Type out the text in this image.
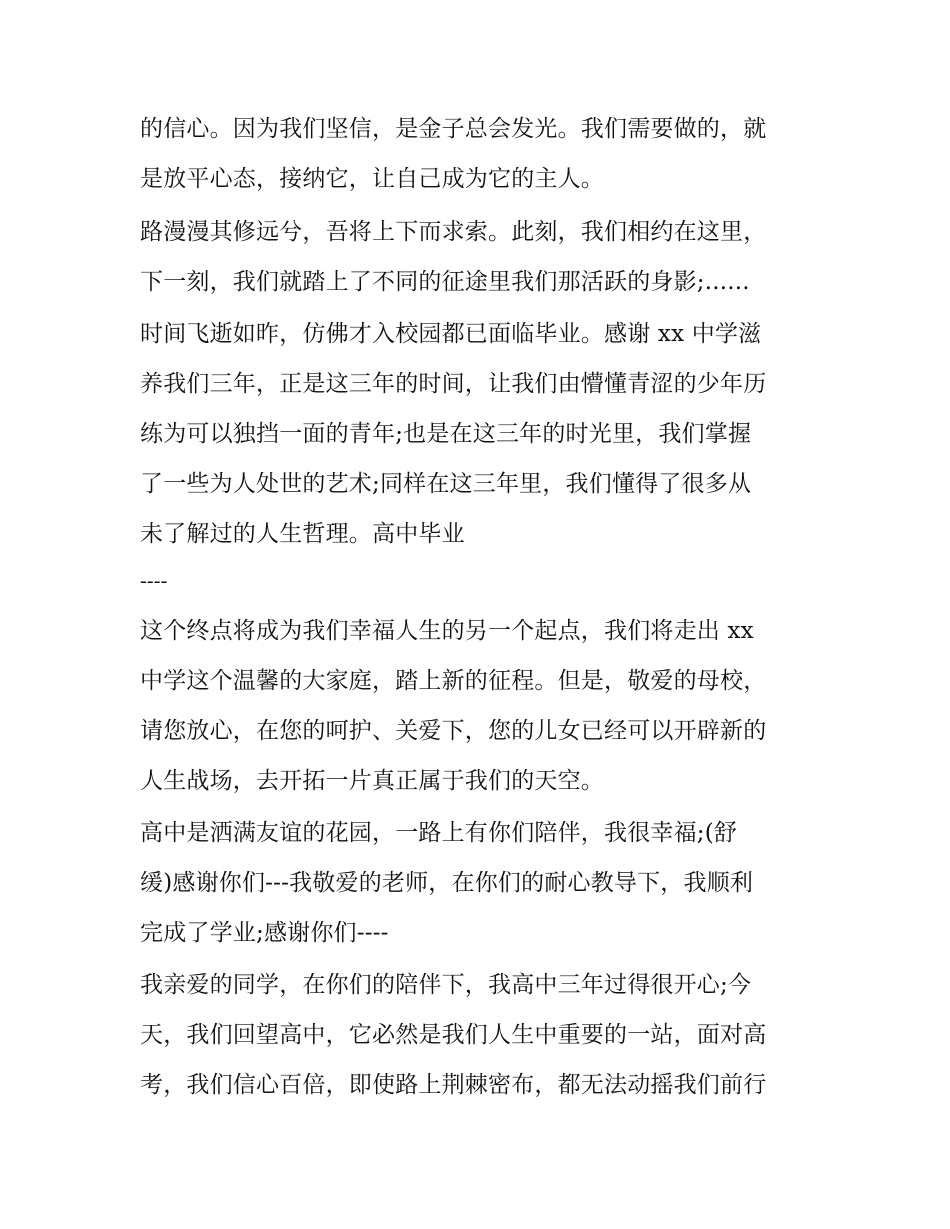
的信心。因为我们坚信，是金子总会发光。我们需要做的，就
是放平心态，接纳它，让自己成为它的主人。
路漫漫其修远兮，吾将上下而求索。此刻，我们相约在这里，
下一刻，我们就踏上了不同的征途里我们那活跃的身影;......
时间飞逝如昨，仿佛才入校园都已面临毕业。感谢 xx 中学滋
养我们三年，正是这三年的时间，让我们由懵懂青涩的少年历
练为可以独挡一面的青年;也是在这三年的时光里，我们掌握
了一些为人处世的艺术;同样在这三年里，我们懂得了很多从
未了解过的人生哲理。高中毕业
----
这个终点将成为我们幸福人生的另一个起点，我们将走出 xx
中学这个温馨的大家庭，踏上新的征程。但是，敬爱的母校，
请您放心，在您的呵护、关爱下，您的儿女已经可以开辟新的
人生战场，去开拓一片真正属于我们的天空。
高中是洒满友谊的花园，一路上有你们陪伴，我很幸福;(舒
缓)感谢你们---我敬爱的老师，在你们的耐心教导下，我顺利
完成了学业;感谢你们----
我亲爱的同学，在你们的陪伴下，我高中三年过得很开心;今
天，我们回望高中，它必然是我们人生中重要的一站，面对高
考，我们信心百倍，即使路上荆棘密布，都无法动摇我们前行
